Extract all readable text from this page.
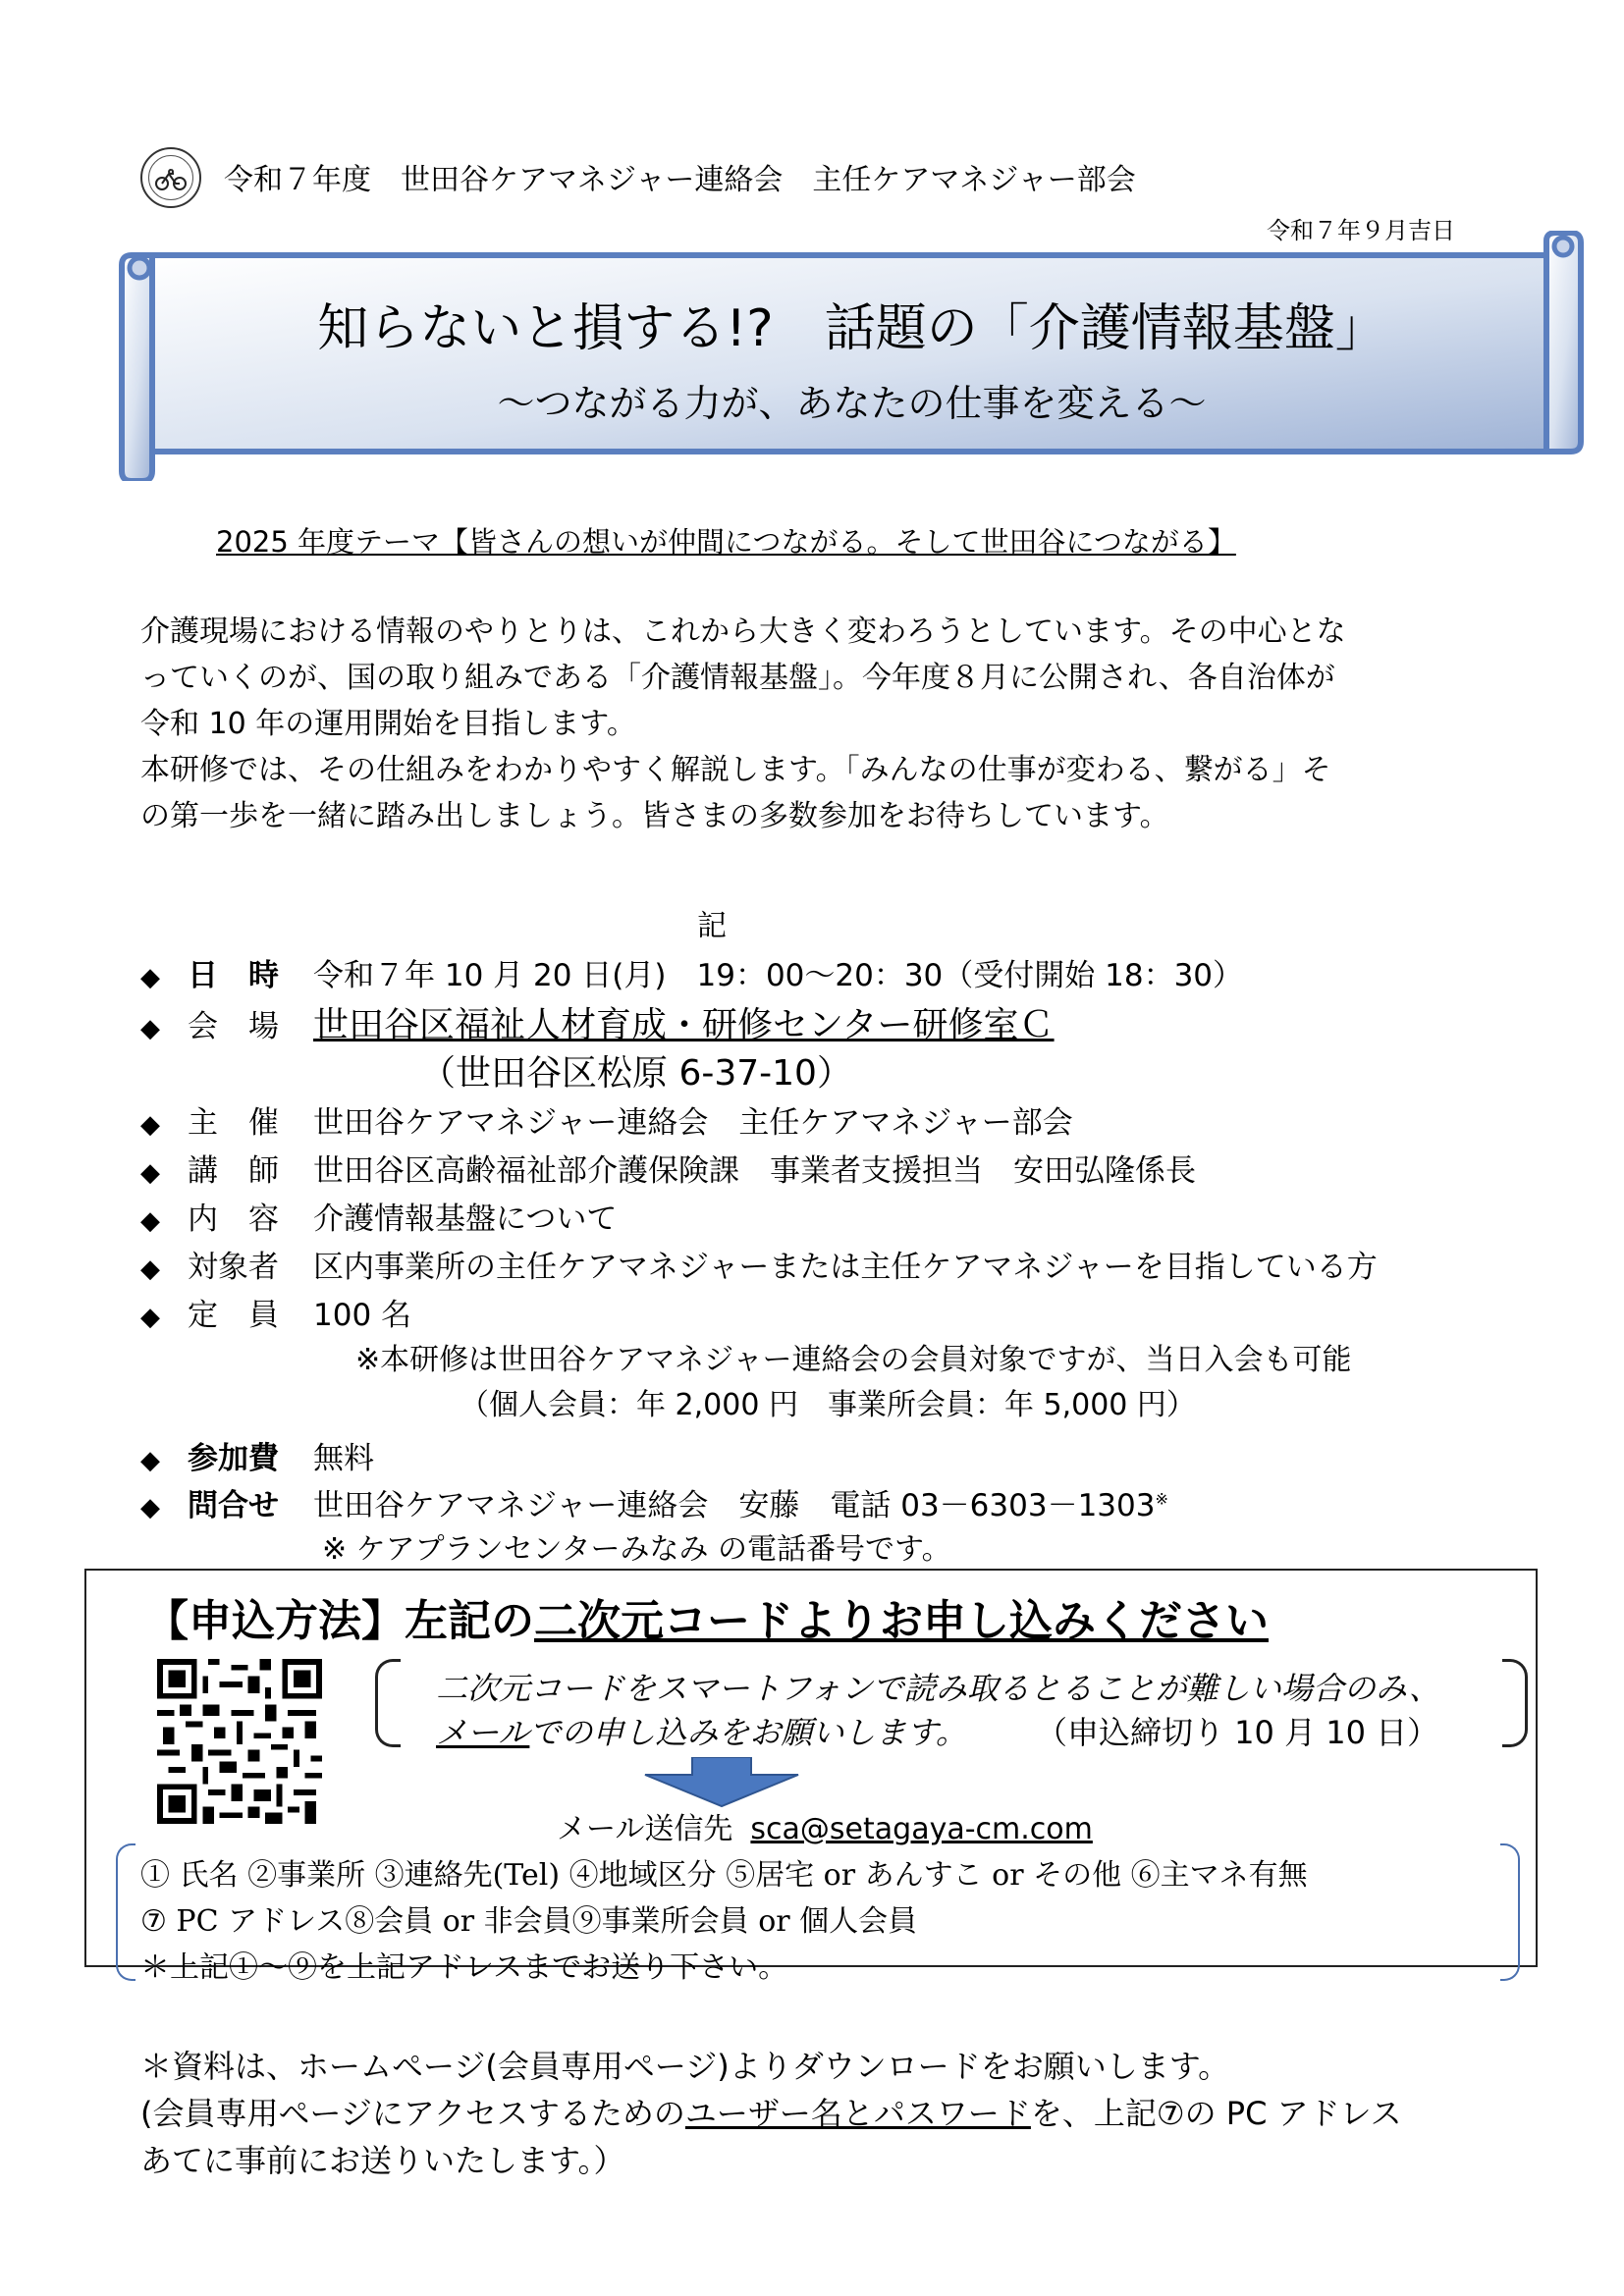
令和７年度　世田谷ケアマネジャー連絡会　主任ケアマネジャー部会
令和７年９月吉日
知らないと損する!?　話題の「介護情報基盤」
～つながる力が、あなたの仕事を変える～
2025 年度テーマ【皆さんの想いが仲間につながる。そして世田谷につながる】

介護現場における情報のやりとりは、これから大きく変わろうとしています。その中心とな

っていくのが、国の取り組みである「介護情報基盤」。今年度８月に公開され、各自治体が

令和 10 年の運用開始を目指します。

本研修では、その仕組みをわかりやすく解説します。「みんなの仕事が変わる、繋がる」そ

の第一歩を一緒に踏み出しましょう。皆さまの多数参加をお待ちしています。

記
◆ 日　時	令和７年 10 月 20 日(月)　19：00～20：30（受付開始 18：30）
◆ 会　場 世田谷区福祉人材育成・研修センター研修室Ｃ
（世田谷区松原 6-37-10）
◆ 主　催	世田谷ケアマネジャー連絡会　主任ケアマネジャー部会
◆ 講　師	世田谷区高齢福祉部介護保険課　事業者支援担当　安田弘隆係長
◆ 内　容	介護情報基盤について
◆ 対象者	区内事業所の主任ケアマネジャーまたは主任ケアマネジャーを目指している方
◆ 定　員	100 名
※本研修は世田谷ケアマネジャー連絡会の会員対象ですが、当日入会も可能
（個人会員：年 2,000 円　事業所会員：年 5,000 円）
◆ 参加費	無料
◆ 問合せ	世田谷ケアマネジャー連絡会　安藤　電話 03－6303－1303※
※ ケアプランセンターみなみ の電話番号です。
【申込方法】左記の二次元コードよりお申し込みください
二次元コードをスマートフォンで読み取るとることが難しい場合のみ、
メールでの申し込みをお願いします。 （申込締切り 10 月 10 日）
メール送信先 sca@setagaya-cm.com
① 氏名 ②事業所 ③連絡先(Tel) ④地域区分 ⑤居宅 or あんすこ or その他 ⑥主マネ有無
⑦ PC アドレス⑧会員 or 非会員⑨事業所会員 or 個人会員
＊上記①～⑨を上記アドレスまでお送り下さい。
＊資料は、ホームページ(会員専用ページ)よりダウンロードをお願いします。
(会員専用ページにアクセスするためのユーザー名とパスワードを、上記⑦の PC アドレス
あてに事前にお送りいたします。）
